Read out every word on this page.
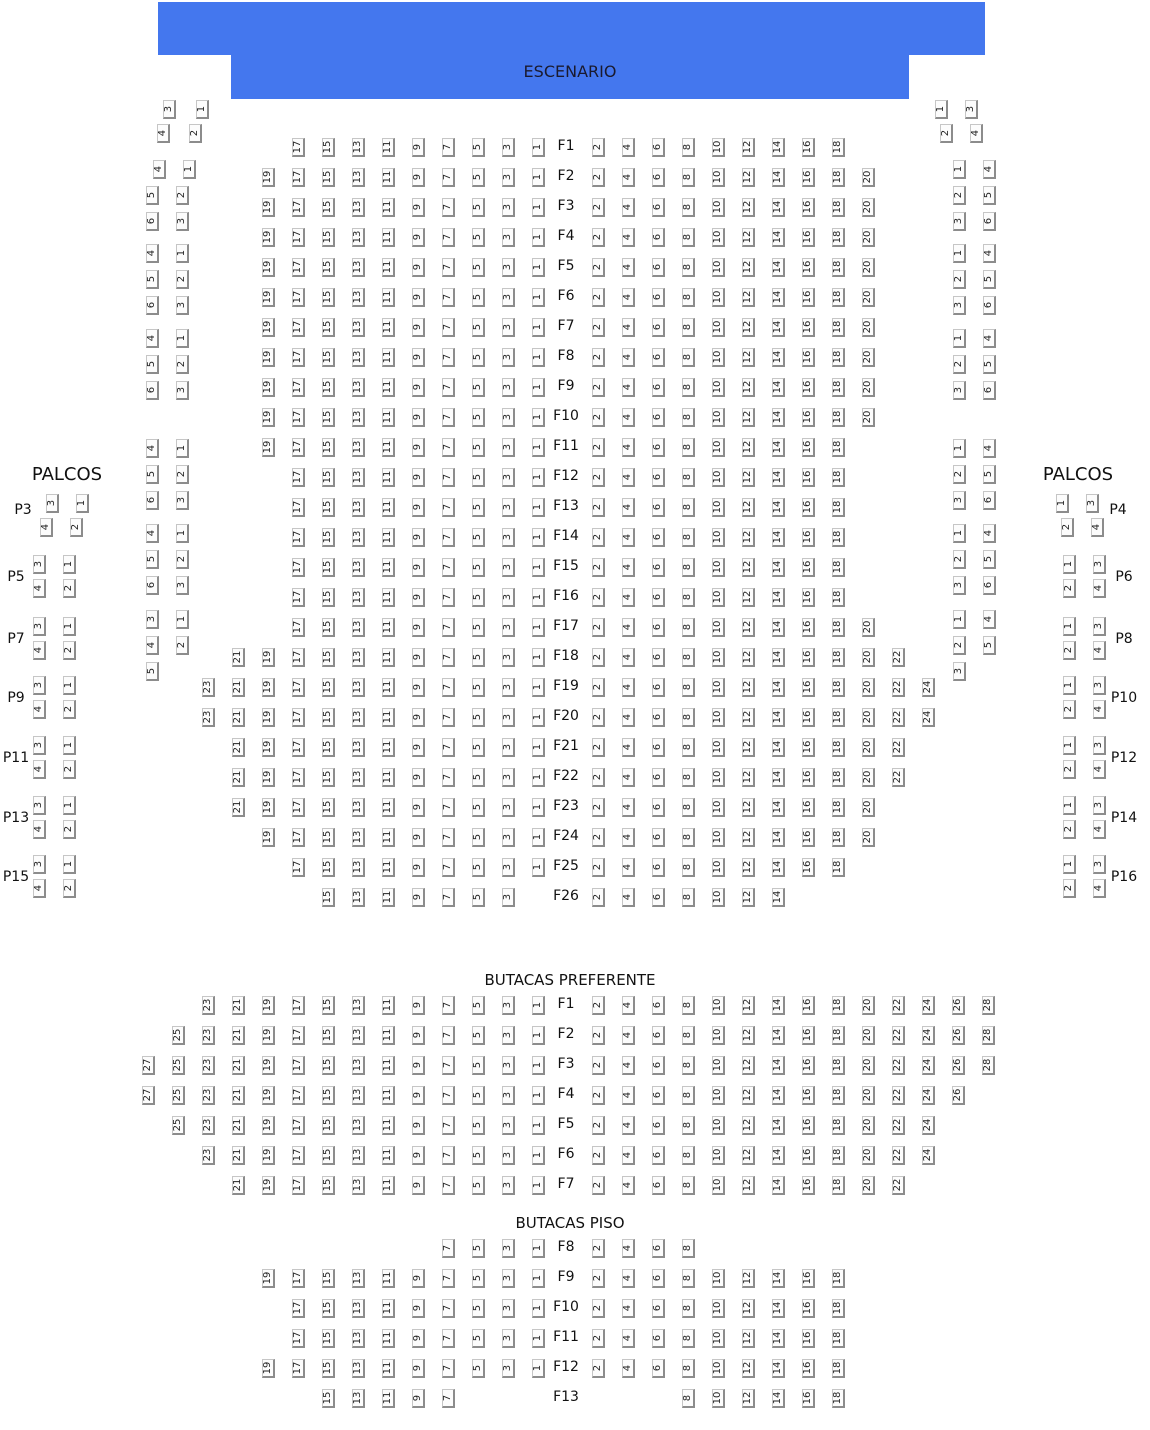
ESCENARIO
PALCOS	PALCOS
BUTACAS PREFERENTE
BUTACAS PISO
F1
17 15 13 11 9 7 5 3 1	2 4 6 8 10 12 14 16 18
F2
19 17 15 13 11 9 7 5 3 1	2 4 6 8 10 12 14 16 18 20
F3
19 17 15 13 11 9 7 5 3 1	2 4 6 8 10 12 14 16 18 20
F4
19 17 15 13 11 9 7 5 3 1	2 4 6 8 10 12 14 16 18 20
F5
19 17 15 13 11 9 7 5 3 1	2 4 6 8 10 12 14 16 18 20
F6
19 17 15 13 11 9 7 5 3 1	2 4 6 8 10 12 14 16 18 20
F7
19 17 15 13 11 9 7 5 3 1	2 4 6 8 10 12 14 16 18 20
F8
19 17 15 13 11 9 7 5 3 1	2 4 6 8 10 12 14 16 18 20
F9
19 17 15 13 11 9 7 5 3 1	2 4 6 8 10 12 14 16 18 20
F10
19 17 15 13 11 9 7 5 3 1	2 4 6 8 10 12 14 16 18 20
F11
19 17 15 13 11 9 7 5 3 1	2 4 6 8 10 12 14 16 18
F12
17 15 13 11 9 7 5 3 1	2 4 6 8 10 12 14 16 18
F13
17 15 13 11 9 7 5 3 1	2 4 6 8 10 12 14 16 18
F14
17 15 13 11 9 7 5 3 1	2 4 6 8 10 12 14 16 18
F15
17 15 13 11 9 7 5 3 1	2 4 6 8 10 12 14 16 18
F16
17 15 13 11 9 7 5 3 1	2 4 6 8 10 12 14 16 18
F17
17 15 13 11 9 7 5 3 1	2 4 6 8 10 12 14 16 18 20
F18
21 19 17 15 13 11 9 7 5 3 1	2 4 6 8 10 12 14 16 18 20 22
F19
23 21 19 17 15 13 11 9 7 5 3 1	2 4 6 8 10 12 14 16 18 20 22 24
F20
23 21 19 17 15 13 11 9 7 5 3 1	2 4 6 8 10 12 14 16 18 20 22 24
F21
21 19 17 15 13 11 9 7 5 3 1	2 4 6 8 10 12 14 16 18 20 22
F22
21 19 17 15 13 11 9 7 5 3 1	2 4 6 8 10 12 14 16 18 20 22
F23
21 19 17 15 13 11 9 7 5 3 1	2 4 6 8 10 12 14 16 18 20
F24
19 17 15 13 11 9 7 5 3 1	2 4 6 8 10 12 14 16 18 20
F25
17 15 13 11 9 7 5 3 1	2 4 6 8 10 12 14 16 18
F26
15 13 11 9 7 5 3	2 4 6 8 10 12 14
F1
23 21 19 17 15 13 11 9 7 5 3 1	2 4 6 8 10 12 14 16 18 20 22 24 26 28
F2
25 23 21 19 17 15 13 11 9 7 5 3 1	2 4 6 8 10 12 14 16 18 20 22 24 26 28
F3
27 25 23 21 19 17 15 13 11 9 7 5 3 1	2 4 6 8 10 12 14 16 18 20 22 24 26 28
F4
27 25 23 21 19 17 15 13 11 9 7 5 3 1	2 4 6 8 10 12 14 16 18 20 22 24 26
F5
25 23 21 19 17 15 13 11 9 7 5 3 1	2 4 6 8 10 12 14 16 18 20 22 24
F6
23 21 19 17 15 13 11 9 7 5 3 1	2 4 6 8 10 12 14 16 18 20 22 24
F7
21 19 17 15 13 11 9 7 5 3 1	2 4 6 8 10 12 14 16 18 20 22
F8
7 5 3 1	2 4 6 8
F9
19 17 15 13 11 9 7 5 3 1	2 4 6 8 10 12 14 16 18
F10
17 15 13 11 9 7 5 3 1	2 4 6 8 10 12 14 16 18
F11
17 15 13 11 9 7 5 3 1	2 4 6 8 10 12 14 16 18
F12
19 17 15 13 11 9 7 5 3 1	2 4 6 8 10 12 14 16 18
F13
15 13 11 9 7	8 10 12 14 16 18
3 1
4 2
1 3
2 4
4 1
5 2
6 3
4 1
5 2
6 3
4 1
5 2
6 3
4 1
5 2
6 3
4 1
5 2
6 3
3 1
4 2
5
1 4
2 5
3 6
1 4
2 5
3 6
1 4
2 5
3 6
1 4
2 5
3 6
1 4
2 5
3 6
1 4
2 5
3
P3	3 1
4 2
P5
3 1
4 2
P7
3 1
4 2
P9
3 1
4 2
P11
3 1
4 2
P13
3 1
4 2
P15
3 1
4 2
P4
1 3
2 4
P6
1 3
2 4
P8
1 3
2 4
P10
1 3
2 4
P12
1 3
2 4
P14
1 3
2 4
P16
1 3
2 4
